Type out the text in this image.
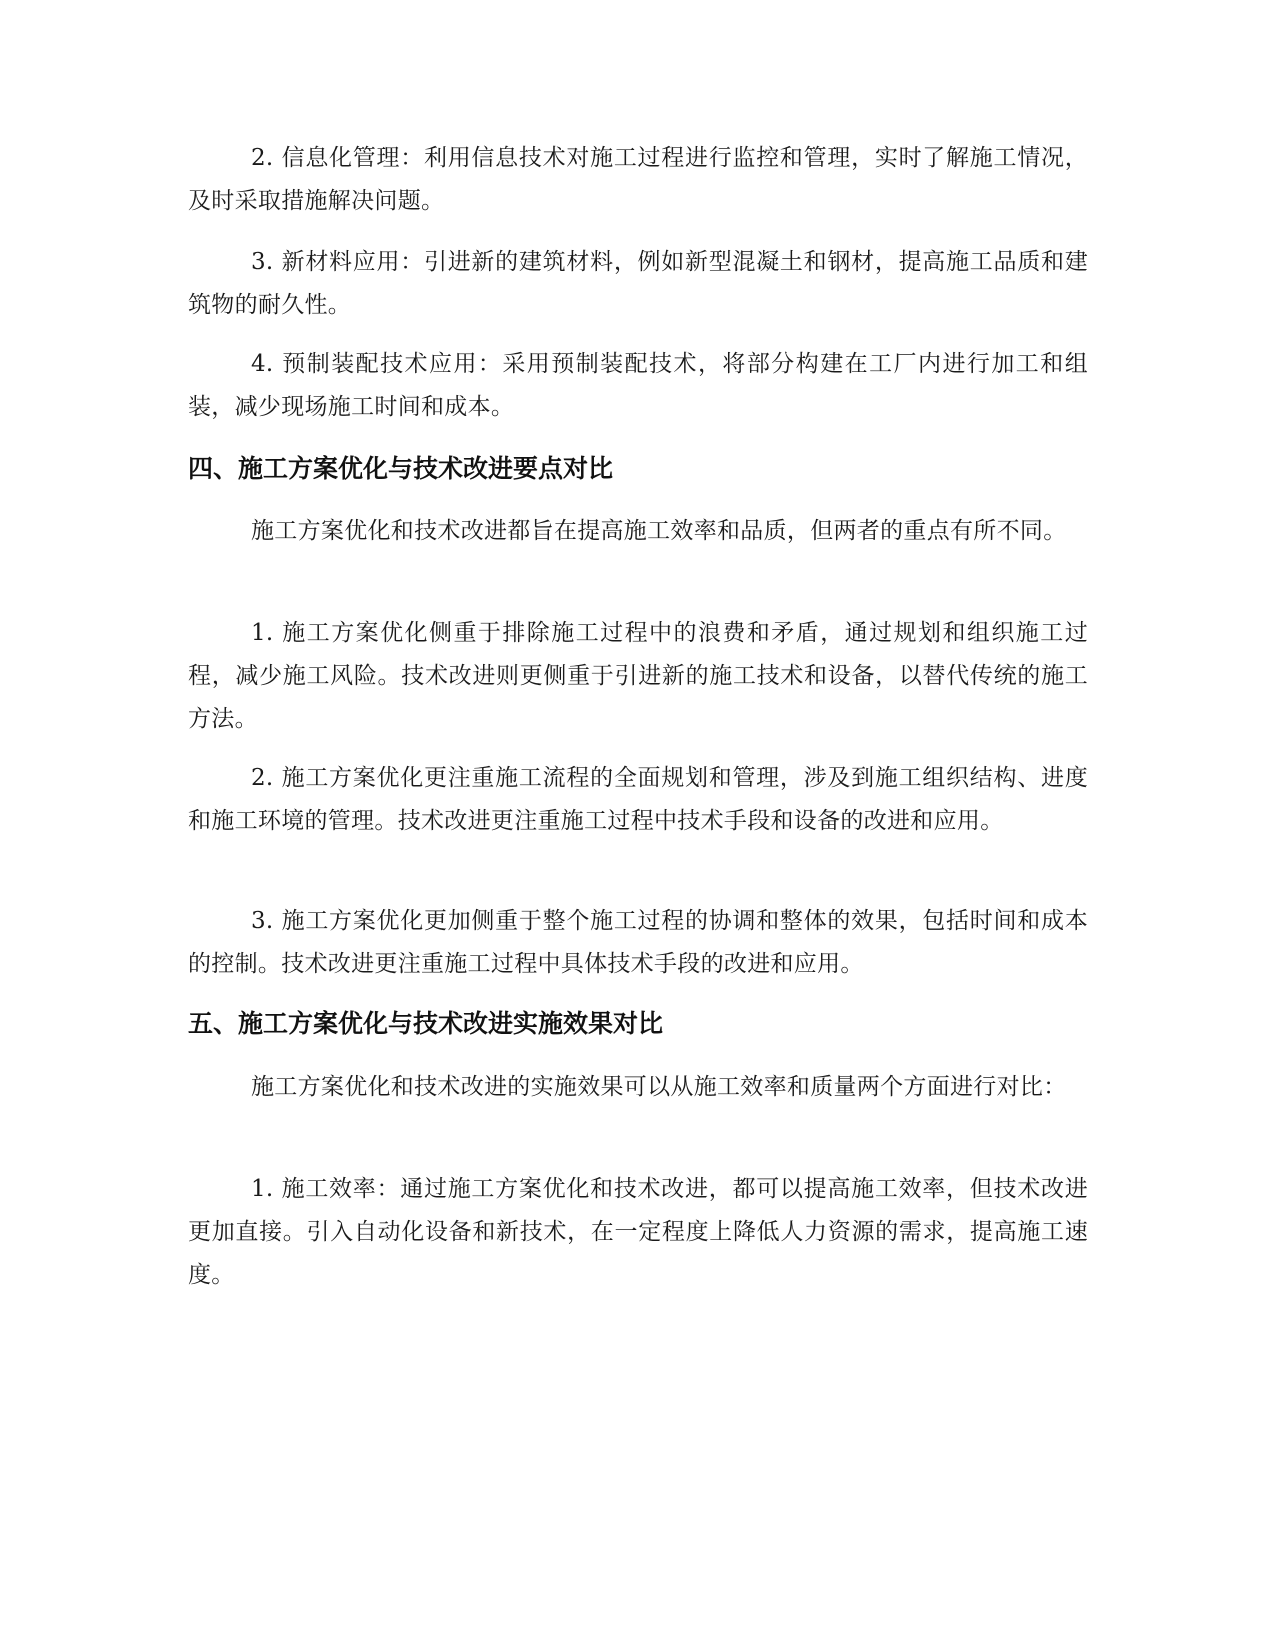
2. 信息化管理：利用信息技术对施工过程进行监控和管理，实时了解施工情况，及时采取措施解决问题。

3. 新材料应用：引进新的建筑材料，例如新型混凝土和钢材，提高施工品质和建筑物的耐久性。

4. 预制装配技术应用：采用预制装配技术，将部分构建在工厂内进行加工和组装，减少现场施工时间和成本。

四、施工方案优化与技术改进要点对比

施工方案优化和技术改进都旨在提高施工效率和品质，但两者的重点有所不同。

1. 施工方案优化侧重于排除施工过程中的浪费和矛盾，通过规划和组织施工过程，减少施工风险。技术改进则更侧重于引进新的施工技术和设备，以替代传统的施工方法。

2. 施工方案优化更注重施工流程的全面规划和管理，涉及到施工组织结构、进度和施工环境的管理。技术改进更注重施工过程中技术手段和设备的改进和应用。

3. 施工方案优化更加侧重于整个施工过程的协调和整体的效果，包括时间和成本的控制。技术改进更注重施工过程中具体技术手段的改进和应用。

五、施工方案优化与技术改进实施效果对比

施工方案优化和技术改进的实施效果可以从施工效率和质量两个方面进行对比：

1. 施工效率：通过施工方案优化和技术改进，都可以提高施工效率，但技术改进更加直接。引入自动化设备和新技术，在一定程度上降低人力资源的需求，提高施工速度。
